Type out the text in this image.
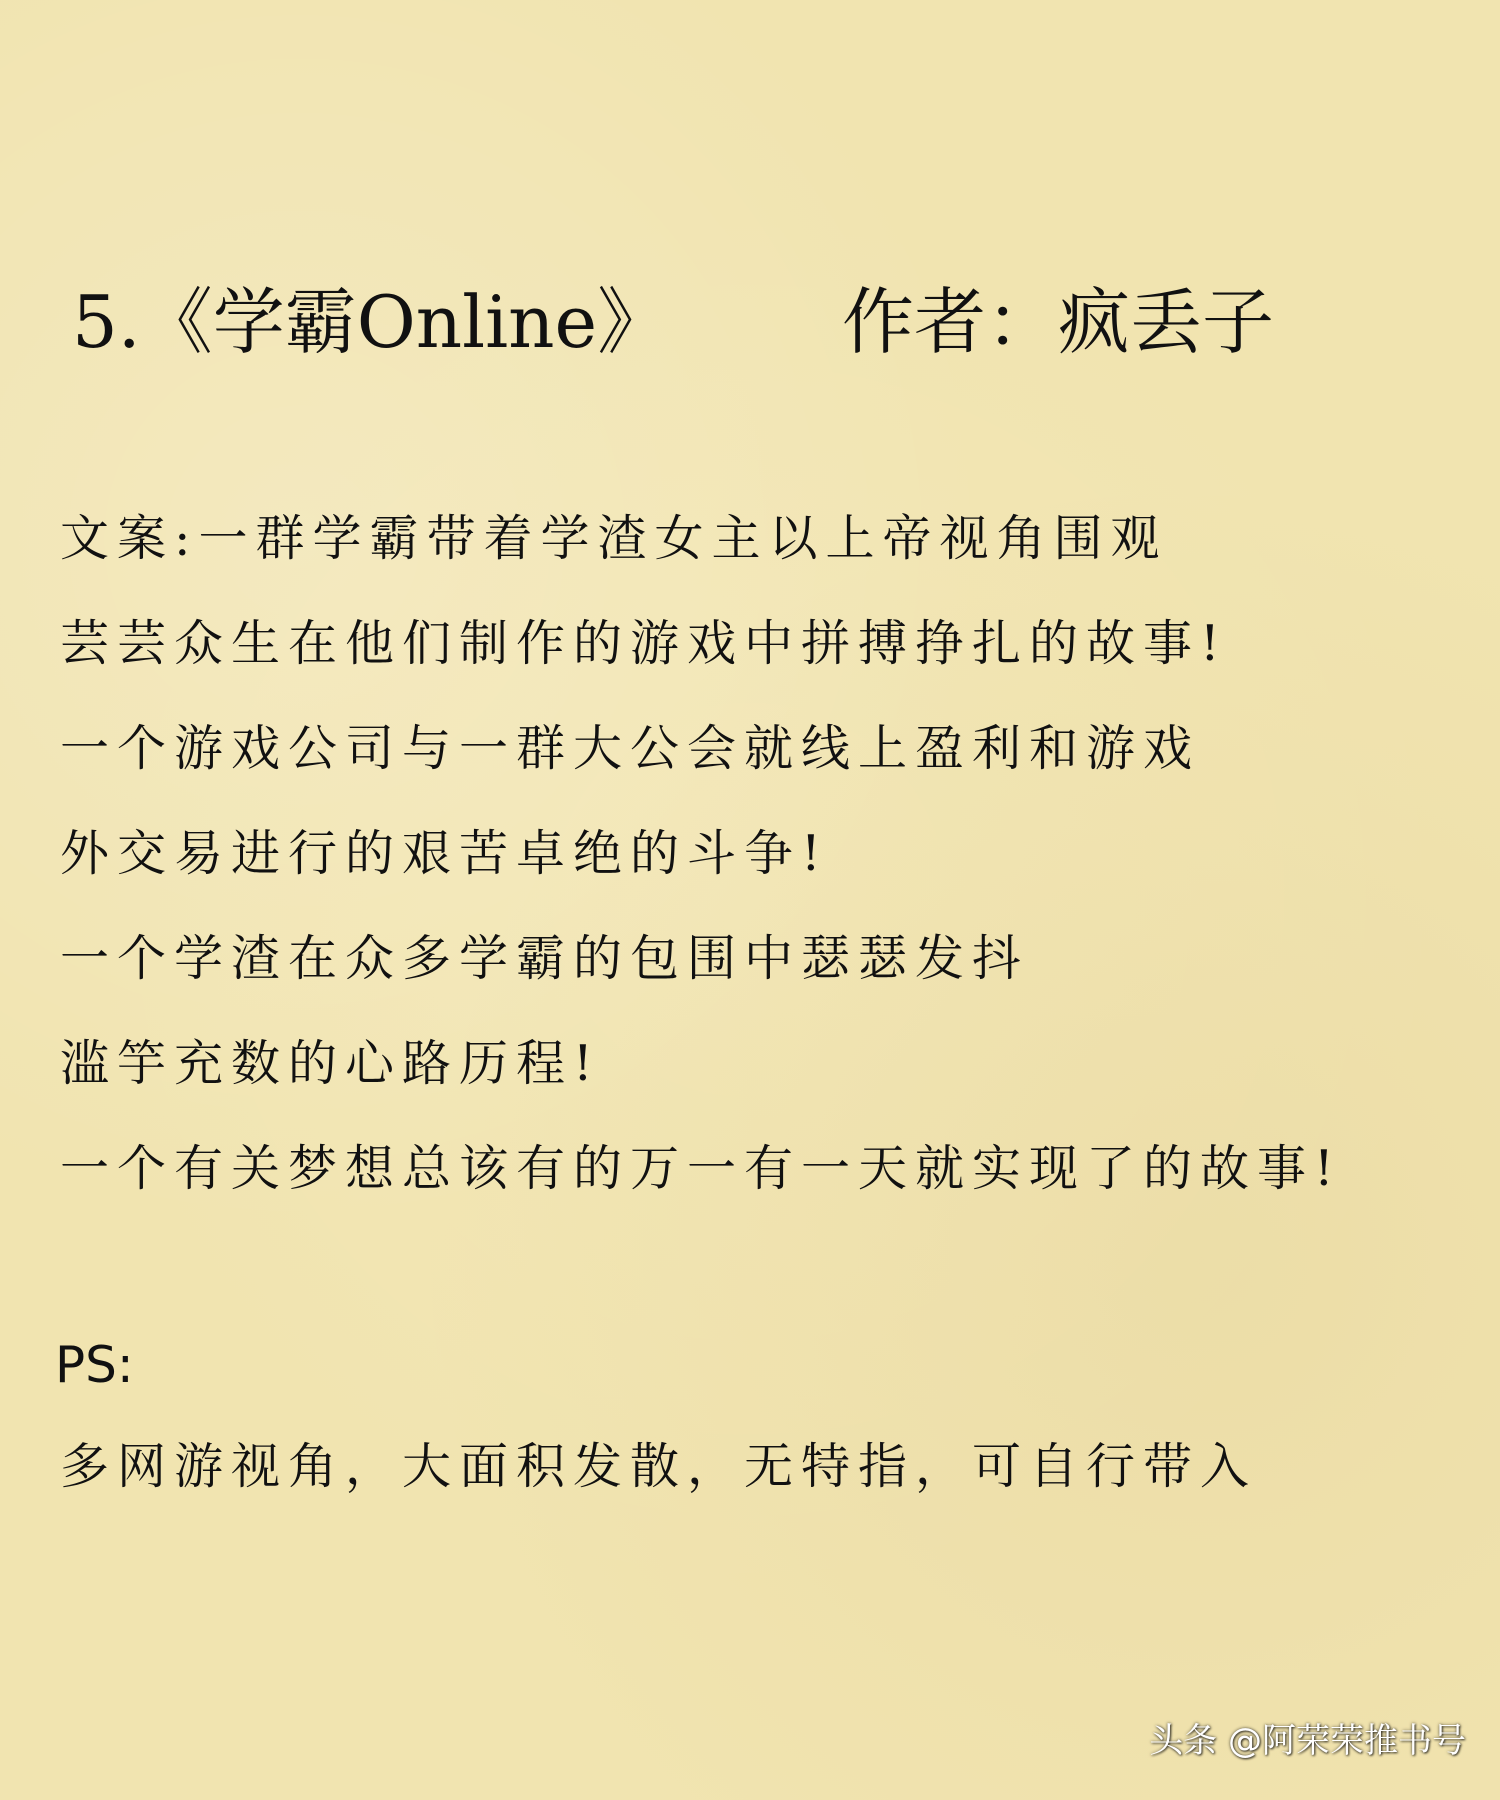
5.《学霸Online》 作者：疯丢子
文案:一群学霸带着学渣女主以上帝视角围观
芸芸众生在他们制作的游戏中拼搏挣扎的故事!
一个游戏公司与一群大公会就线上盈利和游戏
外交易进行的艰苦卓绝的斗争!
一个学渣在众多学霸的包围中瑟瑟发抖
滥竽充数的心路历程!
一个有关梦想总该有的万一有一天就实现了的故事!
PS:
多网游视角，大面积发散，无特指，可自行带入
头条 @阿荣荣推书号
